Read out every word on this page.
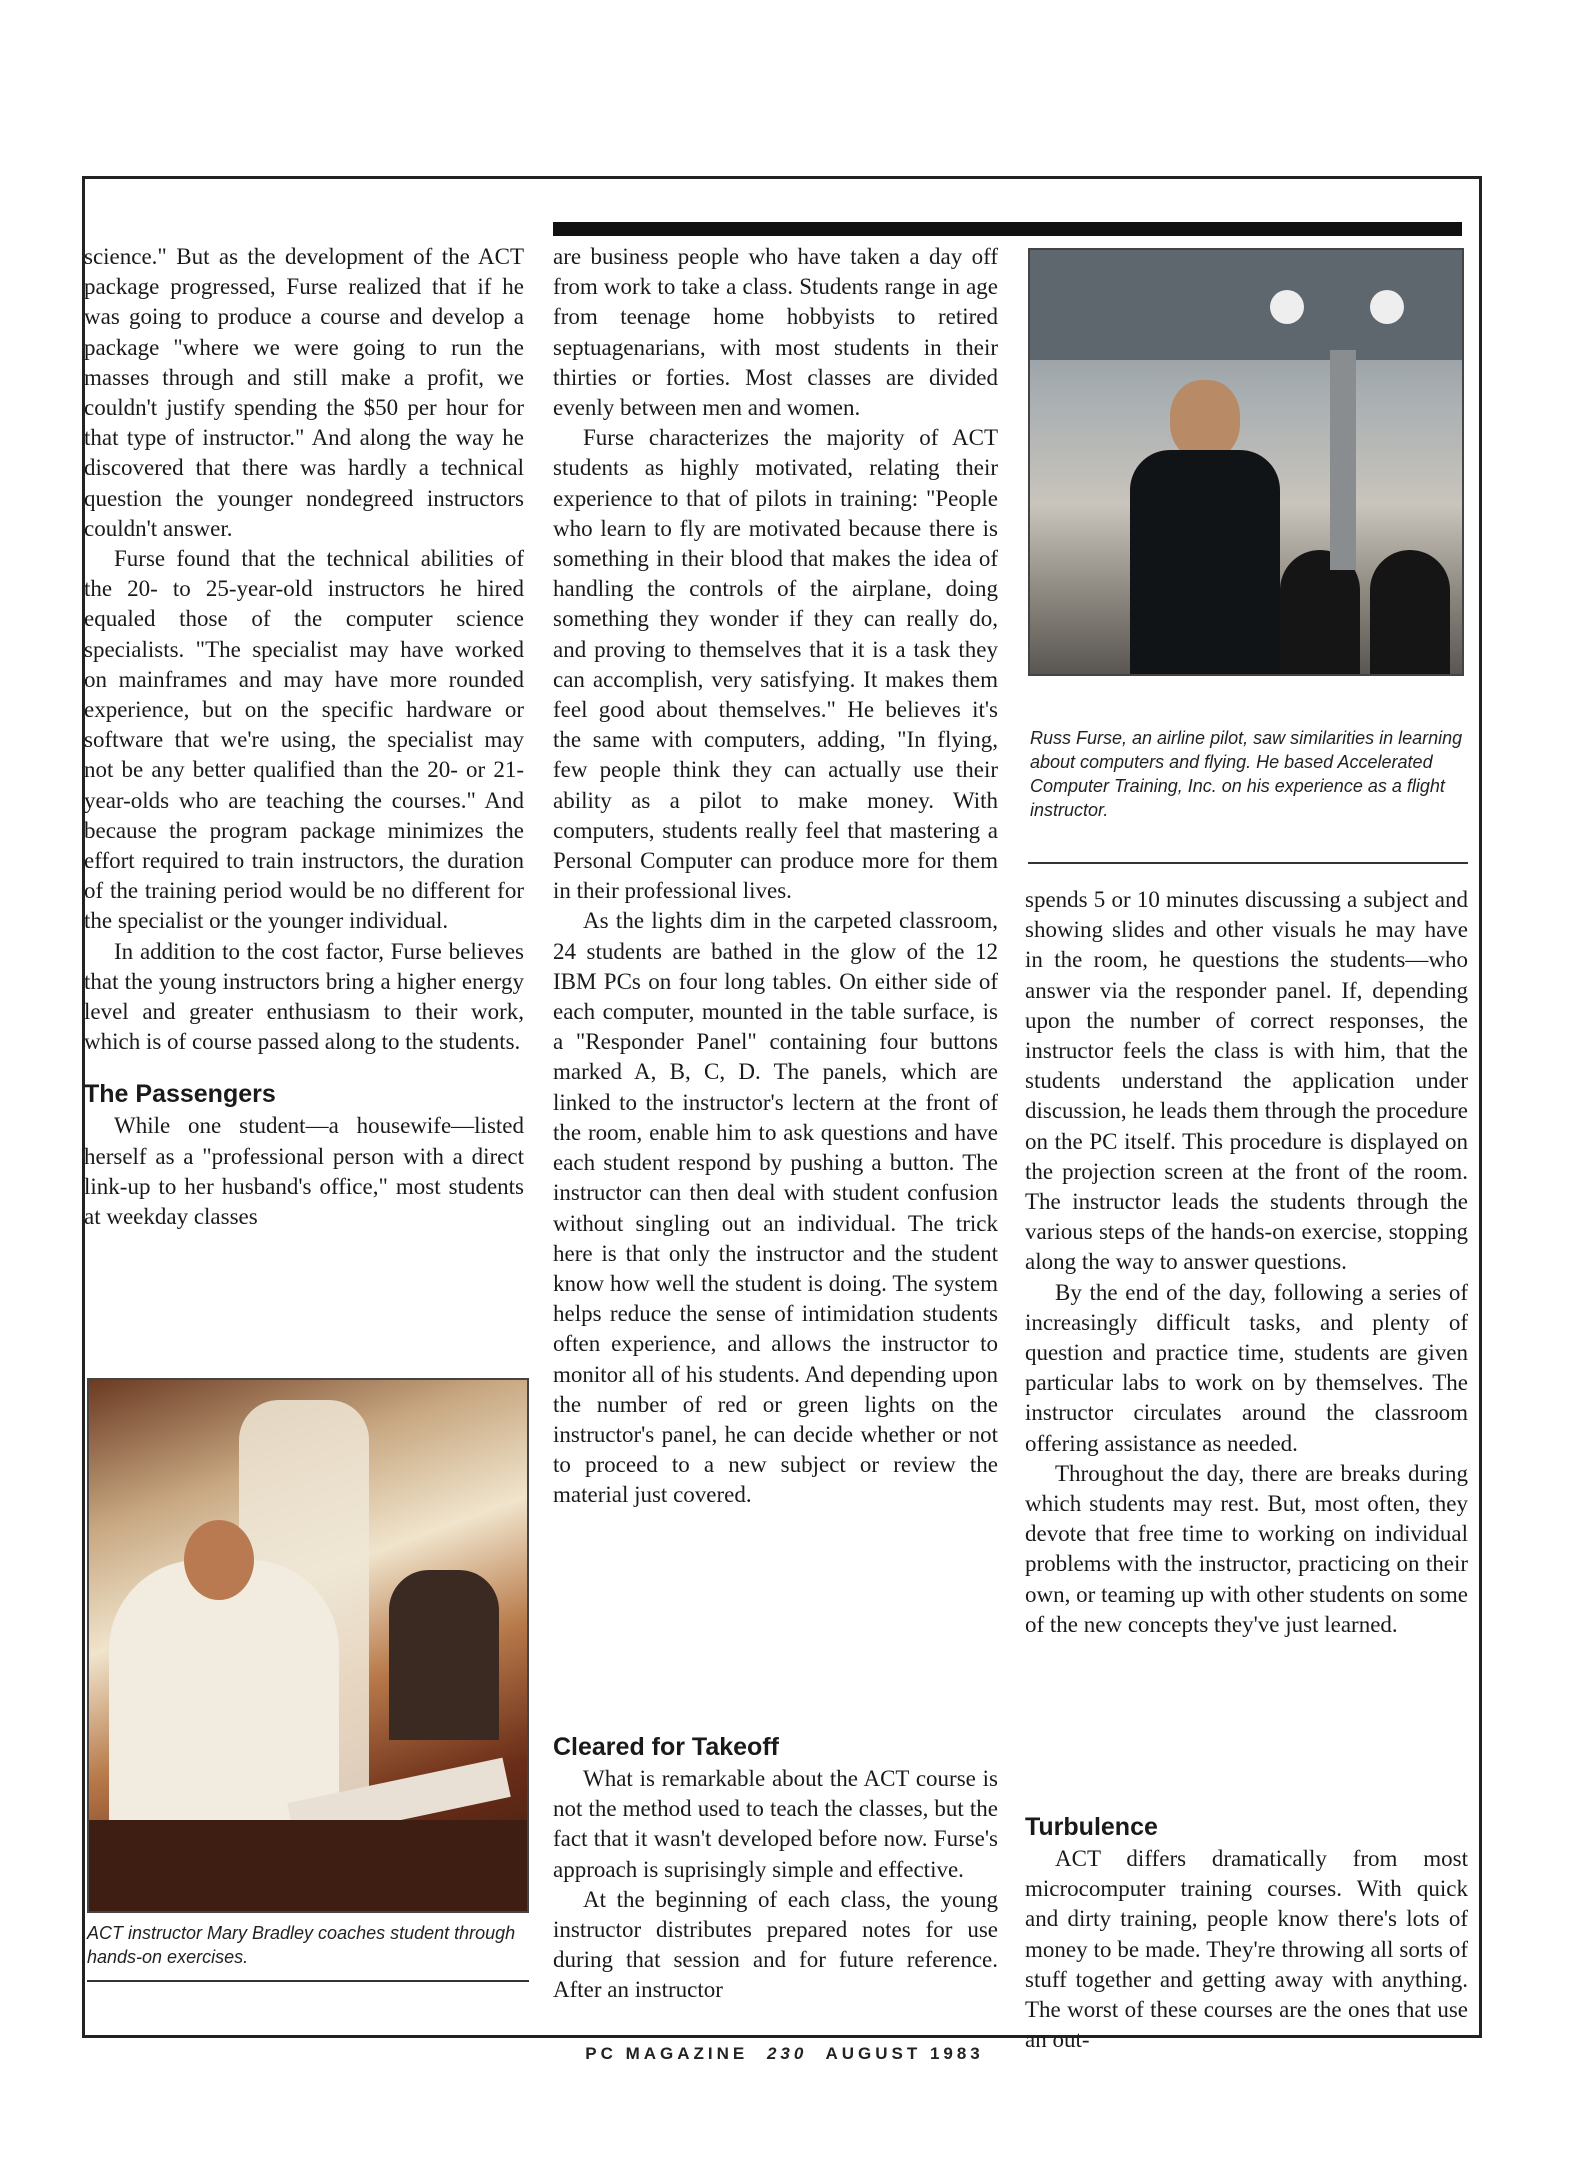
science." But as the development of the ACT package progressed, Furse realized that if he was going to produce a course and develop a package "where we were going to run the masses through and still make a profit, we couldn't justify spending the $50 per hour for that type of instructor." And along the way he discovered that there was hardly a technical question the younger nondegreed instructors couldn't answer.

Furse found that the technical abilities of the 20- to 25-year-old instructors he hired equaled those of the computer science specialists. "The specialist may have worked on mainframes and may have more rounded experience, but on the specific hardware or software that we're using, the specialist may not be any better qualified than the 20- or 21-year-olds who are teaching the courses." And because the program package minimizes the effort required to train instructors, the duration of the training period would be no different for the specialist or the younger individual.

In addition to the cost factor, Furse believes that the young instructors bring a higher energy level and greater enthusiasm to their work, which is of course passed along to the students.

The Passengers

While one student—a housewife—listed herself as a "professional person with a direct link-up to her husband's office," most students at weekday classes

are business people who have taken a day off from work to take a class. Students range in age from teenage home hobbyists to retired septuagenarians, with most students in their thirties or forties. Most classes are divided evenly between men and women.

Furse characterizes the majority of ACT students as highly motivated, relating their experience to that of pilots in training: "People who learn to fly are motivated because there is something in their blood that makes the idea of handling the controls of the airplane, doing something they wonder if they can really do, and proving to themselves that it is a task they can accomplish, very satisfying. It makes them feel good about themselves." He believes it's the same with computers, adding, "In flying, few people think they can actually use their ability as a pilot to make money. With computers, students really feel that mastering a Personal Computer can produce more for them in their professional lives.

As the lights dim in the carpeted classroom, 24 students are bathed in the glow of the 12 IBM PCs on four long tables. On either side of each computer, mounted in the table surface, is a "Responder Panel" containing four buttons marked A, B, C, D. The panels, which are linked to the instructor's lectern at the front of the room, enable him to ask questions and have each student respond by pushing a button. The instructor can then deal with student confusion without singling out an individual. The trick here is that only the instructor and the student know how well the student is doing. The system helps reduce the sense of intimidation students often experience, and allows the instructor to monitor all of his students. And depending upon the number of red or green lights on the instructor's panel, he can decide whether or not to proceed to a new subject or review the material just covered.

Cleared for Takeoff

What is remarkable about the ACT course is not the method used to teach the classes, but the fact that it wasn't developed before now. Furse's approach is suprisingly simple and effective.

At the beginning of each class, the young instructor distributes prepared notes for use during that session and for future reference. After an instructor

spends 5 or 10 minutes discussing a subject and showing slides and other visuals he may have in the room, he questions the students—who answer via the responder panel. If, depending upon the number of correct responses, the instructor feels the class is with him, that the students understand the application under discussion, he leads them through the procedure on the PC itself. This procedure is displayed on the projection screen at the front of the room. The instructor leads the students through the various steps of the hands-on exercise, stopping along the way to answer questions.

By the end of the day, following a series of increasingly difficult tasks, and plenty of question and practice time, students are given particular labs to work on by themselves. The instructor circulates around the classroom offering assistance as needed.

Throughout the day, there are breaks during which students may rest. But, most often, they devote that free time to working on individual problems with the instructor, practicing on their own, or teaming up with other students on some of the new concepts they've just learned.

Turbulence

ACT differs dramatically from most microcomputer training courses. With quick and dirty training, people know there's lots of money to be made. They're throwing all sorts of stuff together and getting away with anything. The worst of these courses are the ones that use an out-

ACT instructor Mary Bradley coaches student through hands-on exercises.
Russ Furse, an airline pilot, saw similarities in learning about computers and flying. He based Accelerated Computer Training, Inc. on his experience as a flight instructor.
PC MAGAZINE 230 AUGUST 1983
